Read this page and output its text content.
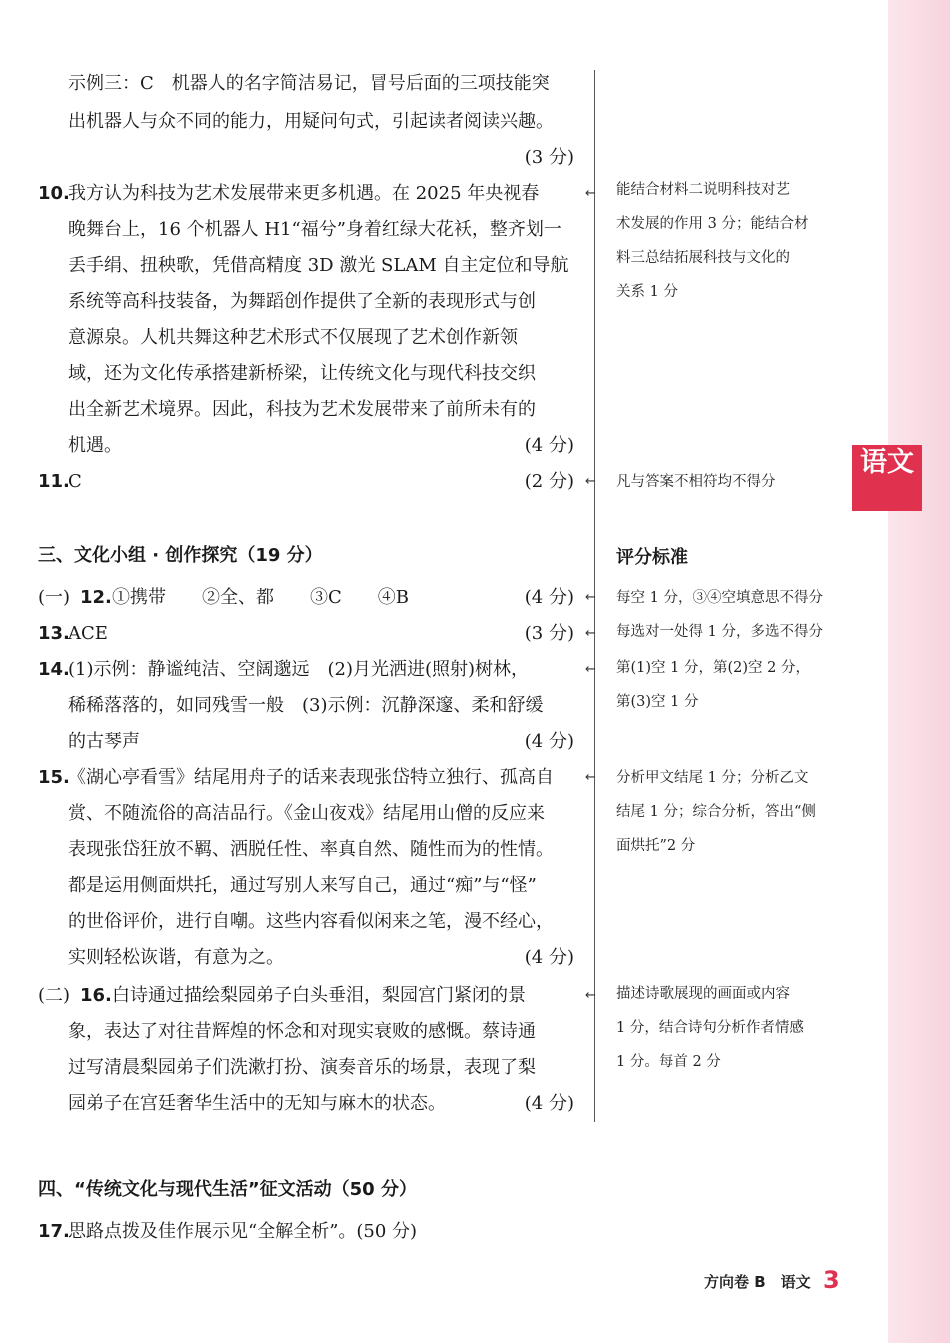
语文
示例三：C　机器人的名字简洁易记，冒号后面的三项技能突
出机器人与众不同的能力，用疑问句式，引起读者阅读兴趣。
(3 分)
10.
我方认为科技为艺术发展带来更多机遇。在 2025 年央视春
晚舞台上，16 个机器人 H1“福兮”身着红绿大花袄，整齐划一
丢手绢、扭秧歌，凭借高精度 3D 激光 SLAM 自主定位和导航
系统等高科技装备，为舞蹈创作提供了全新的表现形式与创
意源泉。人机共舞这种艺术形式不仅展现了艺术创作新领
域，还为文化传承搭建新桥梁，让传统文化与现代科技交织
出全新艺术境界。因此，科技为艺术发展带来了前所未有的
机遇。	(4 分)
←	能结合材料二说明科技对艺
术发展的作用 3 分；能结合材
料三总结拓展科技与文化的
关系 1 分
11.
C	(2 分) ←	凡与答案不相符均不得分
三、文化小组 · 创作探究（19 分）	评分标准
(一) 12. ①携带　　②全、都　　③C　　④B	(4 分) ←	每空 1 分，③④空填意思不得分
13.
ACE	(3 分) ←	每选对一处得 1 分，多选不得分
14.
(1)示例：静谧纯洁、空阔邈远　(2)月光洒进(照射)树林，
稀稀落落的，如同残雪一般　(3)示例：沉静深邃、柔和舒缓
的古琴声	(4 分)
←	第(1)空 1 分，第(2)空 2 分，
第(3)空 1 分
15.
《湖心亭看雪》结尾用舟子的话来表现张岱特立独行、孤高自
赏、不随流俗的高洁品行。《金山夜戏》结尾用山僧的反应来
表现张岱狂放不羁、洒脱任性、率真自然、随性而为的性情。
都是运用侧面烘托，通过写别人来写自己，通过“痴”与“怪”
的世俗评价，进行自嘲。这些内容看似闲来之笔，漫不经心，
实则轻松诙谐，有意为之。	(4 分)
←	分析甲文结尾 1 分；分析乙文
结尾 1 分；综合分析，答出“侧
面烘托”2 分
(二) 16. 白诗通过描绘梨园弟子白头垂泪，梨园宫门紧闭的景
象，表达了对往昔辉煌的怀念和对现实衰败的感慨。蔡诗通
过写清晨梨园弟子们洗漱打扮、演奏音乐的场景，表现了梨
园弟子在宫廷奢华生活中的无知与麻木的状态。	(4 分)
←	描述诗歌展现的画面或内容
1 分，结合诗句分析作者情感
1 分。每首 2 分
四、“传统文化与现代生活”征文活动（50 分）
17.
思路点拨及佳作展示见“全解全析”。(50 分)
方向卷 B　语文 3
